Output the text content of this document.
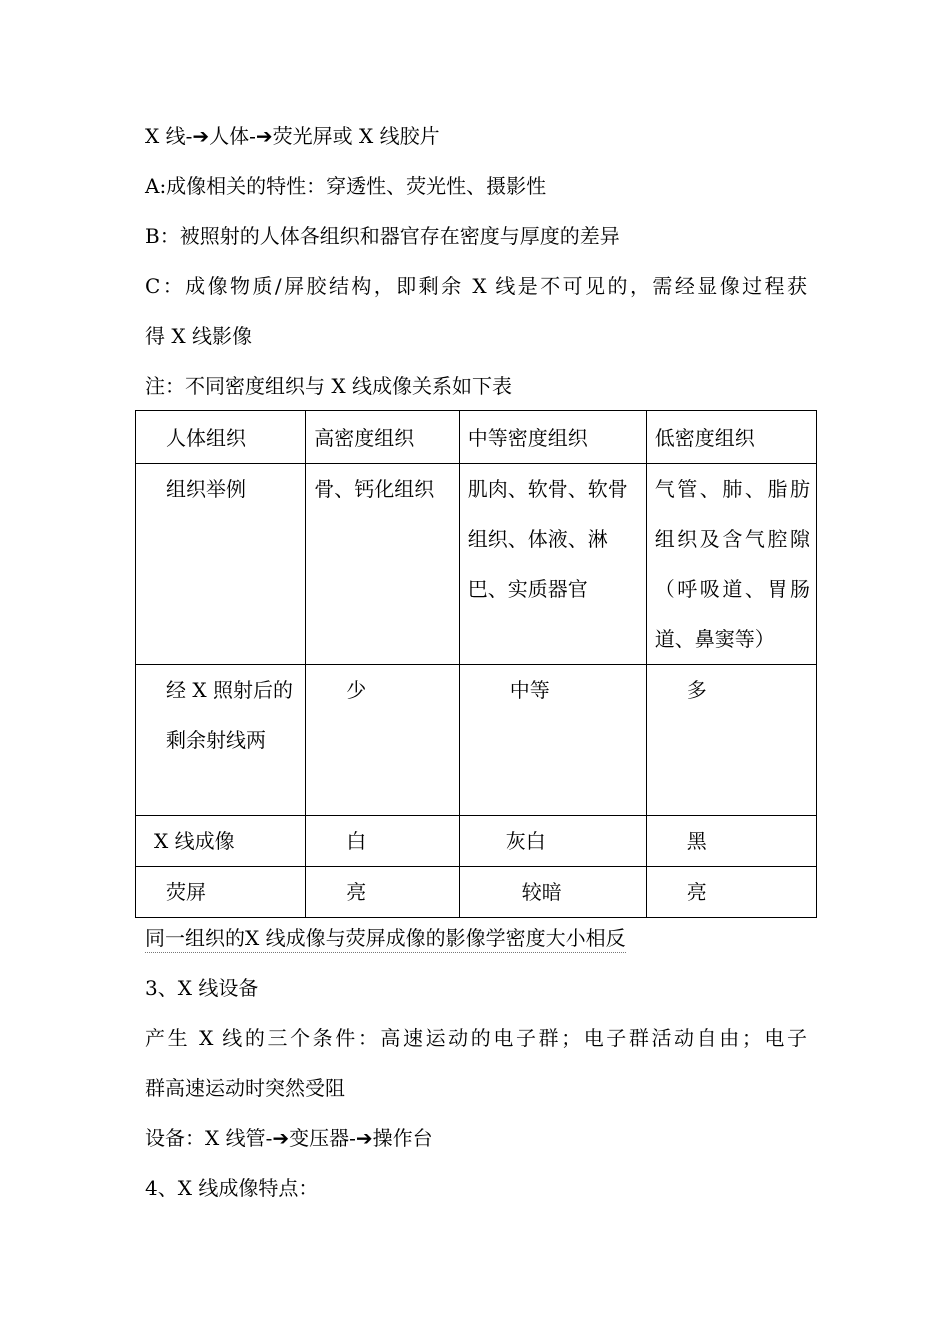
X 线-➔人体-➔荧光屏或 X 线胶片
A:成像相关的特性：穿透性、荧光性、摄影性
B：被照射的人体各组织和器官存在密度与厚度的差异
C：成像物质/屏胶结构，即剩余 X 线是不可见的，需经显像过程获
得 X 线影像
注：不同密度组织与 X 线成像关系如下表
人体组织	高密度组织	中等密度组织	低密度组织
组织举例	骨、钙化组织	肌肉、软骨、软骨组织、体液、淋巴、实质器官	气管、肺、脂肪组织及含气腔隙（呼吸道、胃肠道、鼻窦等）
经 X 照射后的剩余射线两	少	中等	多
X 线成像	白	灰白	黑
荧屏	亮	较暗	亮
同一组织的X 线成像与荧屏成像的影像学密度大小相反
3、X 线设备
产生 X 线的三个条件：高速运动的电子群；电子群活动自由；电子
群高速运动时突然受阻
设备：X 线管-➔变压器-➔操作台
4、X 线成像特点：
